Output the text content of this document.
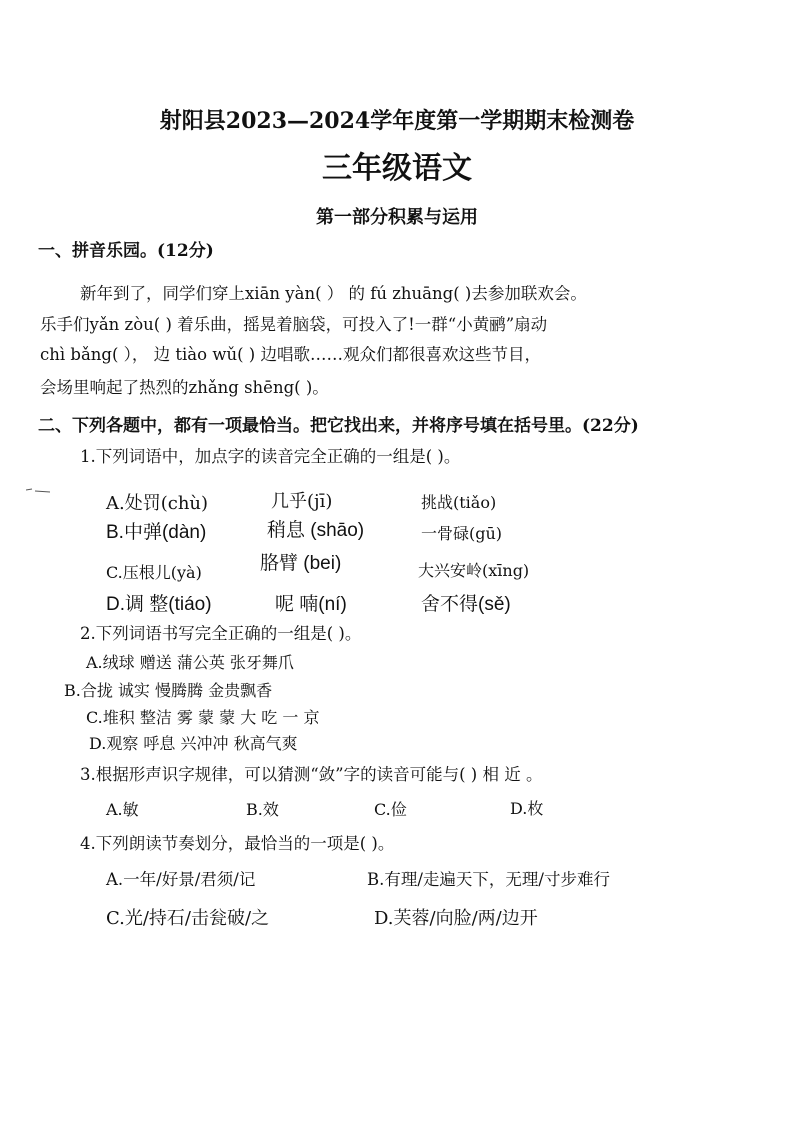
射阳县2023—2024学年度第一学期期末检测卷
三年级语文
第一部分积累与运用
一、拼音乐园。(12分)
新年到了，同学们穿上xiān yàn( ） 的 fú zhuāng( )去参加联欢会。
乐手们yǎn zòu( ) 着乐曲，摇晃着脑袋，可投入了!一群“小黄鹂”扇动
chì bǎng( ）， 边 tiào wǔ( ) 边唱歌……观众们都很喜欢这些节目，
会场里响起了热烈的zhǎng shēng( )。
二、下列各题中，都有一项最恰当。把它找出来，并将序号填在括号里。(22分)
1.下列词语中，加点字的读音完全正确的一组是( )。
A.处罚(chù)	几乎(jī)	挑战(tiǎo)
B.中弹(dàn)	稍息 (shāo)	一骨碌(gū)
C.压根儿(yà)	胳臂 (bei)	大兴安岭(xīng)
D.调 整(tiáo)	呢 喃(ní)	舍不得(sě)
2.下列词语书写完全正确的一组是( )。
A.绒球 赠送 蒲公英 张牙舞爪
B.合拢 诚实 慢腾腾 金贵飘香
C.堆积 整洁 雾 蒙 蒙 大 吃 一 京
D.观察 呼息 兴冲冲 秋高气爽
3.根据形声识字规律，可以猜测“敛”字的读音可能与( ) 相 近 。
A.敏	B.效	C.俭	D.枚
4.下列朗读节奏划分，最恰当的一项是( )。
A.一年/好景/君须/记	B.有理/走遍天下，无理/寸步难行
C.光/持石/击瓮破/之	D.芙蓉/向脸/两/边开
